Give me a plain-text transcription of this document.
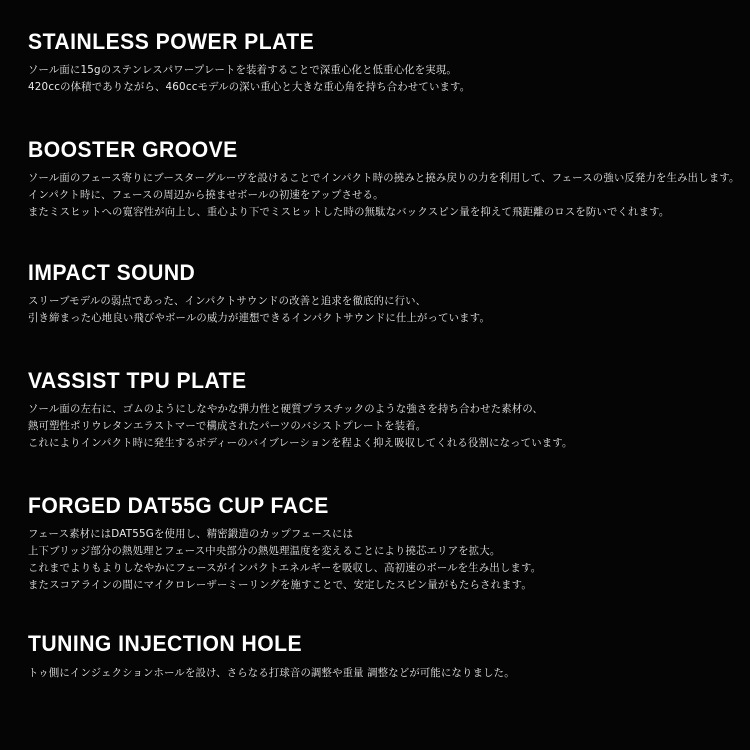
STAINLESS POWER PLATE
ソール面に15gのステンレスパワープレートを装着することで深重心化と低重心化を実現。
420ccの体積でありながら、460ccモデルの深い重心と大きな重心角を持ち合わせています。
BOOSTER GROOVE
ソール面のフェース寄りにブースターグルーヴを設けることでインパクト時の撓みと撓み戻りの力を利用して、フェースの強い反発力を生み出します。
インパクト時に、フェースの周辺から撓ませボールの初速をアップさせる。
またミスヒットへの寛容性が向上し、重心より下でミスヒットした時の無駄なバックスピン量を抑えて飛距離のロスを防いでくれます。
IMPACT SOUND
スリーブモデルの弱点であった、インパクトサウンドの改善と追求を徹底的に行い、
引き締まった心地良い飛びやボールの威力が連想できるインパクトサウンドに仕上がっています。
VASSIST TPU PLATE
ソール面の左右に、ゴムのようにしなやかな弾力性と硬質プラスチックのような強さを持ち合わせた素材の、
熱可塑性ポリウレタンエラストマーで構成されたパーツのバシストプレートを装着。
これによりインパクト時に発生するボディーのバイブレーションを程よく抑え吸収してくれる役割になっています。
FORGED DAT55G CUP FACE
フェース素材にはDAT55Gを使用し、精密鍛造のカップフェースには
上下ブリッジ部分の熱処理とフェース中央部分の熱処理温度を変えることにより撓芯エリアを拡大。
これまでよりもよりしなやかにフェースがインパクトエネルギーを吸収し、高初速のボールを生み出します。
またスコアラインの間にマイクロレーザーミーリングを施すことで、安定したスピン量がもたらされます。
TUNING INJECTION HOLE
トゥ側にインジェクションホールを設け、さらなる打球音の調整や重量 調整などが可能になりました。
